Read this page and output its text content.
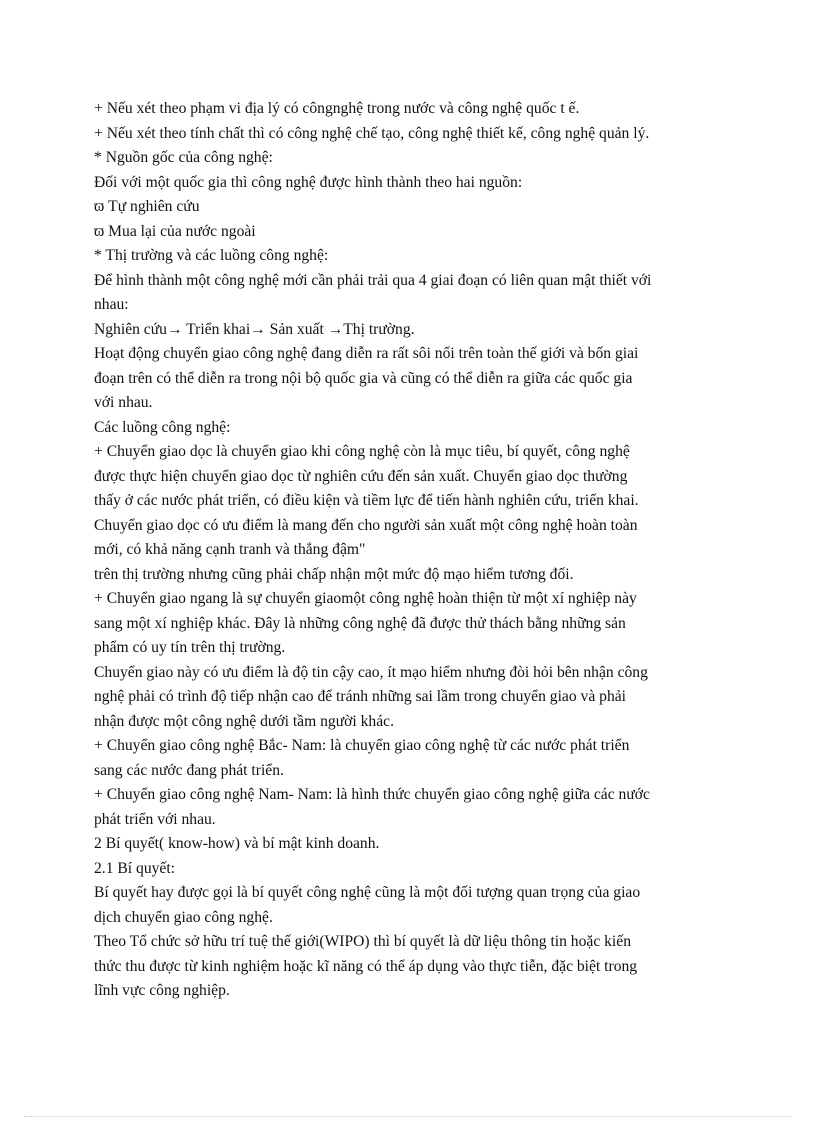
+ Nếu xét theo phạm vi địa lý có côngnghệ trong nước và công nghệ quốc t ế.
+ Nếu xét theo tính chất thì có công nghệ chế tạo, công nghệ thiết kế, công nghệ quản lý.
* Nguồn gốc của công nghệ:
Đối với một quốc gia thì công nghệ được hình thành theo hai nguồn:
ϖ Tự nghiên cứu
ϖ Mua lại của nước ngoài
* Thị trường và các luồng công nghệ:
Để hình thành một công nghệ mới cần phải trải qua 4 giai đoạn có liên quan mật thiết với
nhau:
Nghiên cứu→ Triển khai→ Sản xuất →Thị trường.
Hoạt động chuyển giao công nghệ đang diễn ra rất sôi nổi trên toàn thế giới và bốn giai
đoạn trên có thể diễn ra trong nội bộ quốc gia và cũng có thể diễn ra giữa các quốc gia
với nhau.
Các luồng công nghệ:
+ Chuyển giao dọc là chuyển giao khi công nghệ còn là mục tiêu, bí quyết, công nghệ
được thực hiện chuyển giao dọc từ nghiên cứu đến sản xuất. Chuyển giao dọc thường
thấy ở các nước phát triển, có điều kiện và tiềm lực để tiến hành nghiên cứu, triển khai.
Chuyển giao dọc có ưu điểm là mang đến cho người sản xuất một công nghệ hoàn toàn
mới, có khả năng cạnh tranh và thắng đậm"
trên thị trường nhưng cũng phải chấp nhận một mức độ mạo hiểm tương đối.
+ Chuyển giao ngang là sự chuyển giaomột công nghệ hoàn thiện từ một xí nghiệp này
sang một xí nghiệp khác. Đây là những công nghệ đã được thử thách bằng những sản
phẩm có uy tín trên thị trường.
Chuyển giao này có ưu điểm là độ tin cậy cao, ít mạo hiểm nhưng đòi hỏi bên nhận công
nghệ phải có trình độ tiếp nhận cao để tránh những sai lầm trong chuyển giao và phải
nhận được một công nghệ dưới tầm người khác.
+ Chuyển giao công nghệ Bắc- Nam: là chuyển giao công nghệ từ các nước phát triển
sang các nước đang phát triển.
+ Chuyển giao công nghệ Nam- Nam: là hình thức chuyển giao công nghệ giữa các nước
phát triển với nhau.
2 Bí quyết( know-how) và bí mật kinh doanh.
2.1 Bí quyết:
Bí quyết hay được gọi là bí quyết công nghệ cũng là một đối tượng quan trọng của giao
dịch chuyển giao công nghệ.
Theo Tổ chức sở hữu trí tuệ thế giới(WIPO) thì bí quyết là dữ liệu thông tin hoặc kiến
thức thu được từ kinh nghiệm hoặc kĩ năng có thể áp dụng vào thực tiễn, đặc biệt trong
lĩnh vực công nghiệp.
